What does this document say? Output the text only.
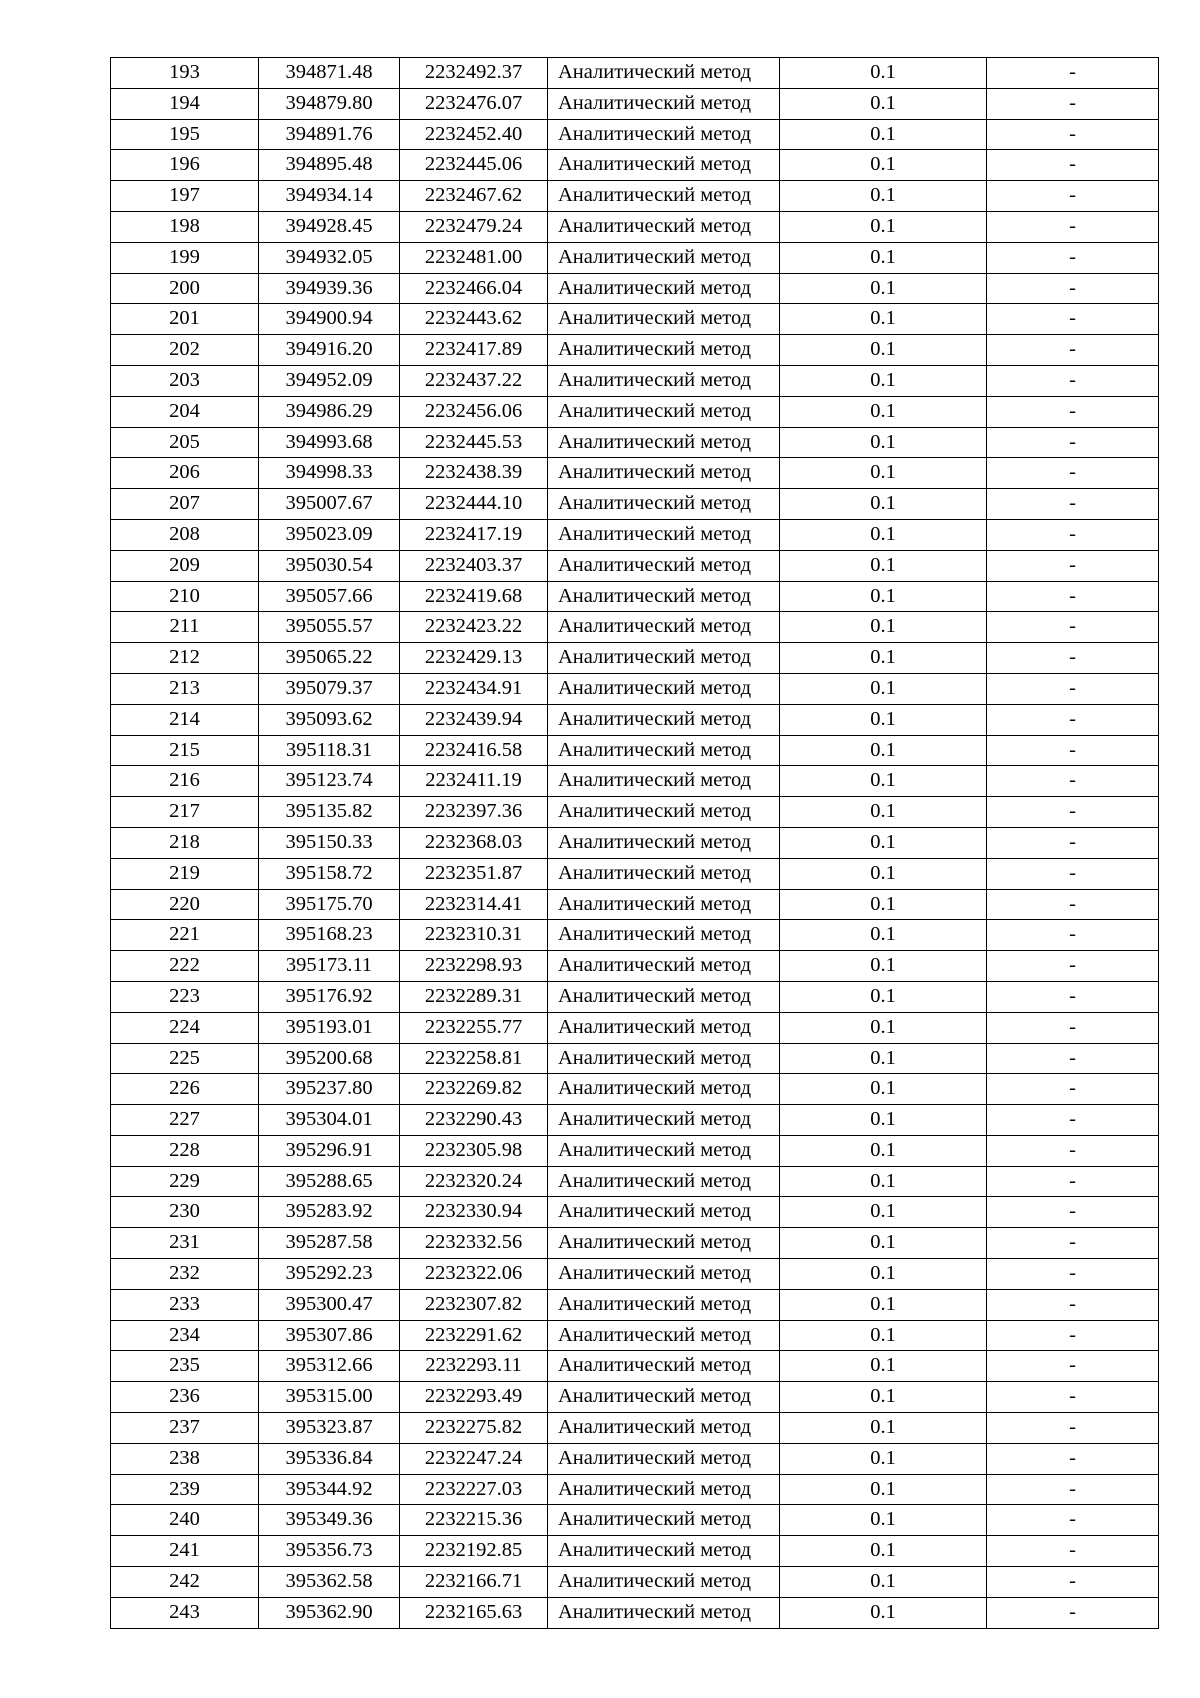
193	394871.48	2232492.37	Аналитический метод	0.1	-
194	394879.80	2232476.07	Аналитический метод	0.1	-
195	394891.76	2232452.40	Аналитический метод	0.1	-
196	394895.48	2232445.06	Аналитический метод	0.1	-
197	394934.14	2232467.62	Аналитический метод	0.1	-
198	394928.45	2232479.24	Аналитический метод	0.1	-
199	394932.05	2232481.00	Аналитический метод	0.1	-
200	394939.36	2232466.04	Аналитический метод	0.1	-
201	394900.94	2232443.62	Аналитический метод	0.1	-
202	394916.20	2232417.89	Аналитический метод	0.1	-
203	394952.09	2232437.22	Аналитический метод	0.1	-
204	394986.29	2232456.06	Аналитический метод	0.1	-
205	394993.68	2232445.53	Аналитический метод	0.1	-
206	394998.33	2232438.39	Аналитический метод	0.1	-
207	395007.67	2232444.10	Аналитический метод	0.1	-
208	395023.09	2232417.19	Аналитический метод	0.1	-
209	395030.54	2232403.37	Аналитический метод	0.1	-
210	395057.66	2232419.68	Аналитический метод	0.1	-
211	395055.57	2232423.22	Аналитический метод	0.1	-
212	395065.22	2232429.13	Аналитический метод	0.1	-
213	395079.37	2232434.91	Аналитический метод	0.1	-
214	395093.62	2232439.94	Аналитический метод	0.1	-
215	395118.31	2232416.58	Аналитический метод	0.1	-
216	395123.74	2232411.19	Аналитический метод	0.1	-
217	395135.82	2232397.36	Аналитический метод	0.1	-
218	395150.33	2232368.03	Аналитический метод	0.1	-
219	395158.72	2232351.87	Аналитический метод	0.1	-
220	395175.70	2232314.41	Аналитический метод	0.1	-
221	395168.23	2232310.31	Аналитический метод	0.1	-
222	395173.11	2232298.93	Аналитический метод	0.1	-
223	395176.92	2232289.31	Аналитический метод	0.1	-
224	395193.01	2232255.77	Аналитический метод	0.1	-
225	395200.68	2232258.81	Аналитический метод	0.1	-
226	395237.80	2232269.82	Аналитический метод	0.1	-
227	395304.01	2232290.43	Аналитический метод	0.1	-
228	395296.91	2232305.98	Аналитический метод	0.1	-
229	395288.65	2232320.24	Аналитический метод	0.1	-
230	395283.92	2232330.94	Аналитический метод	0.1	-
231	395287.58	2232332.56	Аналитический метод	0.1	-
232	395292.23	2232322.06	Аналитический метод	0.1	-
233	395300.47	2232307.82	Аналитический метод	0.1	-
234	395307.86	2232291.62	Аналитический метод	0.1	-
235	395312.66	2232293.11	Аналитический метод	0.1	-
236	395315.00	2232293.49	Аналитический метод	0.1	-
237	395323.87	2232275.82	Аналитический метод	0.1	-
238	395336.84	2232247.24	Аналитический метод	0.1	-
239	395344.92	2232227.03	Аналитический метод	0.1	-
240	395349.36	2232215.36	Аналитический метод	0.1	-
241	395356.73	2232192.85	Аналитический метод	0.1	-
242	395362.58	2232166.71	Аналитический метод	0.1	-
243	395362.90	2232165.63	Аналитический метод	0.1	-
